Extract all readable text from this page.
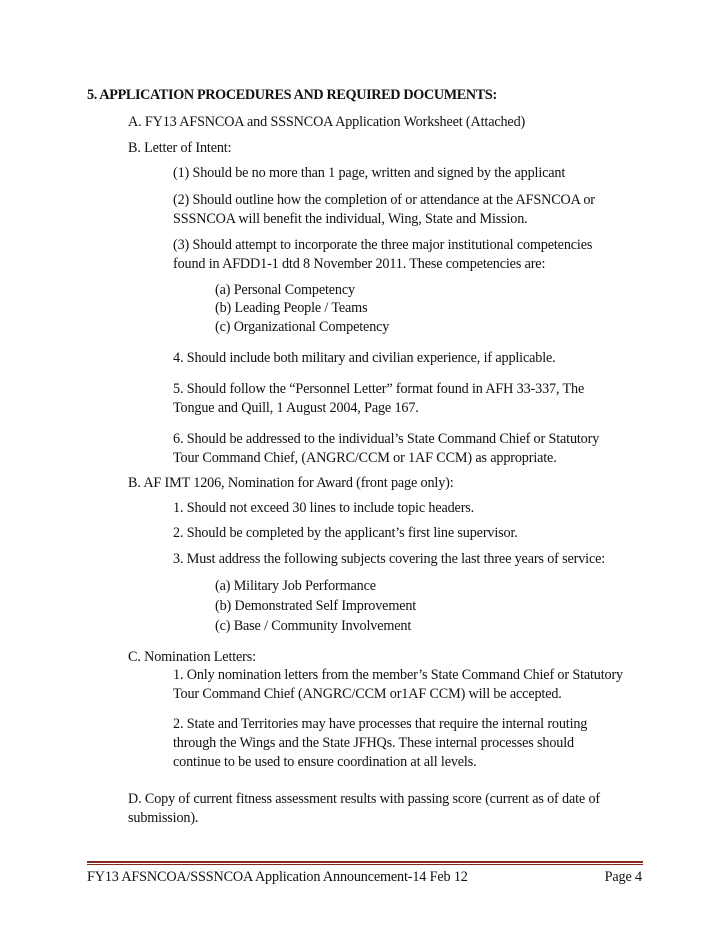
5. APPLICATION PROCEDURES AND REQUIRED DOCUMENTS:
A. FY13 AFSNCOA and SSSNCOA Application Worksheet (Attached)
B. Letter of Intent:
(1) Should be no more than 1 page, written and signed by the applicant
(2) Should outline how the completion of or attendance at the AFSNCOA or
SSSNCOA will benefit the individual, Wing, State and Mission.
(3) Should attempt to incorporate the three major institutional competencies
found in AFDD1-1 dtd 8 November 2011. These competencies are:
(a) Personal Competency
(b) Leading People / Teams
(c) Organizational Competency
4. Should include both military and civilian experience, if applicable.
5. Should follow the “Personnel Letter” format found in AFH 33-337, The
Tongue and Quill, 1 August 2004, Page 167.
6. Should be addressed to the individual’s State Command Chief or Statutory
Tour Command Chief, (ANGRC/CCM or 1AF CCM) as appropriate.
B. AF IMT 1206, Nomination for Award (front page only):
1. Should not exceed 30 lines to include topic headers.
2. Should be completed by the applicant’s first line supervisor.
3. Must address the following subjects covering the last three years of service:
(a) Military Job Performance
(b) Demonstrated Self Improvement
(c) Base / Community Involvement
C. Nomination Letters:
1. Only nomination letters from the member’s State Command Chief or Statutory
Tour Command Chief (ANGRC/CCM or1AF CCM) will be accepted.
2. State and Territories may have processes that require the internal routing
through the Wings and the State JFHQs. These internal processes should
continue to be used to ensure coordination at all levels.
D. Copy of current fitness assessment results with passing score (current as of date of
submission).
FY13 AFSNCOA/SSSNCOA Application Announcement-14 Feb 12	Page 4
